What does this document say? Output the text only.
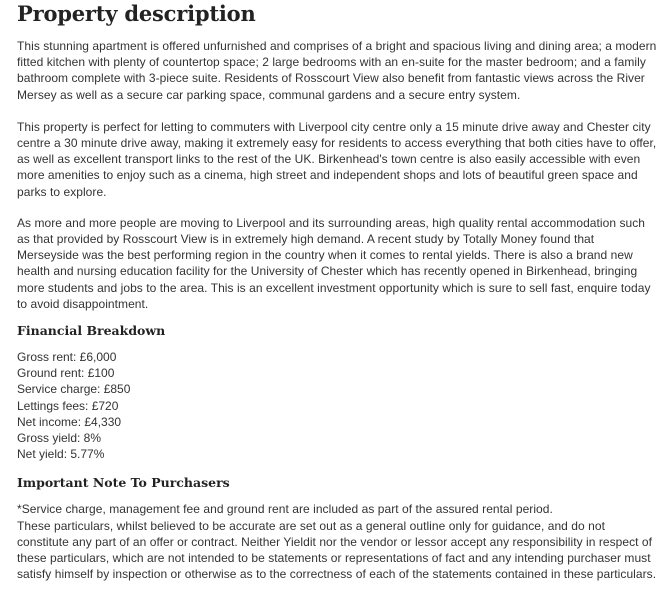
Property description

This stunning apartment is offered unfurnished and comprises of a bright and spacious living and dining area; a modern fitted kitchen with plenty of countertop space; 2 large bedrooms with an en-suite for the master bedroom; and a family bathroom complete with 3-piece suite. Residents of Rosscourt View also benefit from fantastic views across the River Mersey as well as a secure car parking space, communal gardens and a secure entry system.

This property is perfect for letting to commuters with Liverpool city centre only a 15 minute drive away and Chester city centre a 30 minute drive away, making it extremely easy for residents to access everything that both cities have to offer, as well as excellent transport links to the rest of the UK. Birkenhead's town centre is also easily accessible with even more amenities to enjoy such as a cinema, high street and independent shops and lots of beautiful green space and parks to explore.

As more and more people are moving to Liverpool and its surrounding areas, high quality rental accommodation such as that provided by Rosscourt View is in extremely high demand. A recent study by Totally Money found that Merseyside was the best performing region in the country when it comes to rental yields. There is also a brand new health and nursing education facility for the University of Chester which has recently opened in Birkenhead, bringing more students and jobs to the area. This is an excellent investment opportunity which is sure to sell fast, enquire today to avoid disappointment.

Financial Breakdown
Gross rent: £6,000
Ground rent: £100
Service charge: £850
Lettings fees: £720
Net income: £4,330
Gross yield: 8%
Net yield: 5.77%
Important Note To Purchasers

*Service charge, management fee and ground rent are included as part of the assured rental period.

These particulars, whilst believed to be accurate are set out as a general outline only for guidance, and do not constitute any part of an offer or contract. Neither Yieldit nor the vendor or lessor accept any responsibility in respect of these particulars, which are not intended to be statements or representations of fact and any intending purchaser must satisfy himself by inspection or otherwise as to the correctness of each of the statements contained in these particulars.
